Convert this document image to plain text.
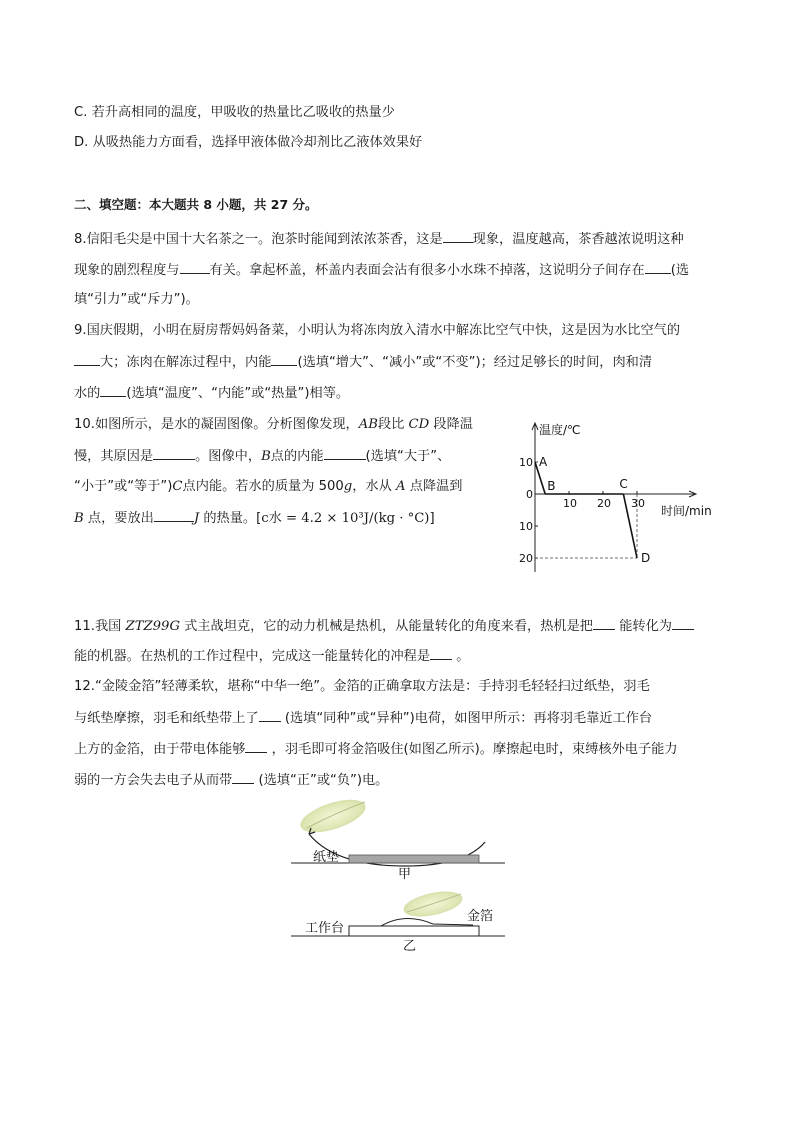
C. 若升高相同的温度，甲吸收的热量比乙吸收的热量少
D. 从吸热能力方面看，选择甲液体做冷却剂比乙液体效果好
二、填空题：本大题共 8 小题，共 27 分。
8.信阳毛尖是中国十大名茶之一。泡茶时能闻到浓浓茶香，这是 现象，温度越高，茶香越浓说明这种
现象的剧烈程度与 有关。拿起杯盖，杯盖内表面会沾有很多小水珠不掉落，这说明分子间存在 (选
填“引力”或“斥力”)。
9.国庆假期，小明在厨房帮妈妈备菜，小明认为将冻肉放入清水中解冻比空气中快，这是因为水比空气的
大；冻肉在解冻过程中，内能 (选填“增大”、“减小”或“不变”)；经过足够长的时间，肉和清
水的 (选填“温度”、“内能”或“热量”)相等。
10.如图所示，是水的凝固图像。分析图像发现，AB段比 CD 段降温
慢，其原因是	。图像中，B点的内能	(选填“大于”、
“小于”或“等于”)C点内能。若水的质量为 500g，水从 A 点降温到
B 点，要放出	J 的热量。[c水 = 4.2 × 10³J/(kg · °C)]
温度/℃
时间/min
10 20 30
10
0
10
20
A
B	C
D
11.我国 ZTZ99G 式主战坦克，它的动力机械是热机，从能量转化的角度来看，热机是把 能转化为
能的机器。在热机的工作过程中，完成这一能量转化的冲程是 。
12.“金陵金箔”轻薄柔软，堪称“中华一绝”。金箔的正确拿取方法是：手持羽毛轻轻扫过纸垫，羽毛
与纸垫摩擦，羽毛和纸垫带上了 (选填“同种”或“异种”)电荷，如图甲所示：再将羽毛靠近工作台
上方的金箔，由于带电体能够 ，羽毛即可将金箔吸住(如图乙所示)。摩擦起电时，束缚核外电子能力
弱的一方会失去电子从而带 (选填“正”或“负”)电。
纸垫
甲
工作台
金箔
乙
